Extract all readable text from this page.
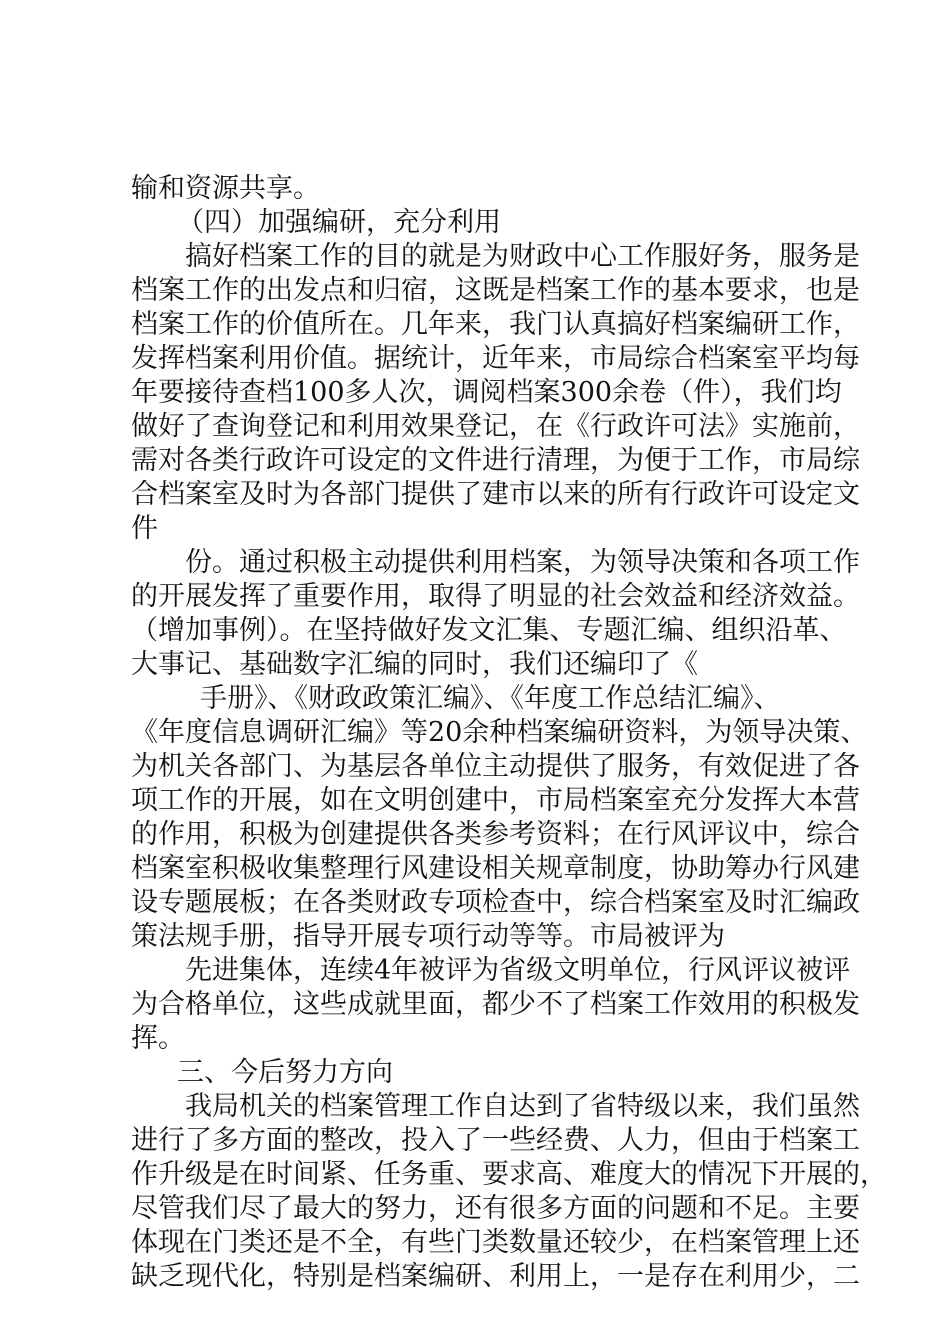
输和资源共享。
（四）加强编研，充分利用
搞好档案工作的目的就是为财政中心工作服好务，服务是
档案工作的出发点和归宿，这既是档案工作的基本要求，也是
档案工作的价值所在。几年来，我门认真搞好档案编研工作，
发挥档案利用价值。据统计，近年来，市局综合档案室平均每
年要接待查档100多人次，调阅档案300余卷（件），我们均
做好了查询登记和利用效果登记，在《行政许可法》实施前，
需对各类行政许可设定的文件进行清理，为便于工作，市局综
合档案室及时为各部门提供了建市以来的所有行政许可设定文
件
份。通过积极主动提供利用档案，为领导决策和各项工作
的开展发挥了重要作用，取得了明显的社会效益和经济效益。
（增加事例）。在坚持做好发文汇集、专题汇编、组织沿革、
大事记、基础数字汇编的同时，我们还编印了《
手册》、《财政政策汇编》、《年度工作总结汇编》、
《年度信息调研汇编》等20余种档案编研资料，为领导决策、
为机关各部门、为基层各单位主动提供了服务，有效促进了各
项工作的开展，如在文明创建中，市局档案室充分发挥大本营
的作用，积极为创建提供各类参考资料；在行风评议中，综合
档案室积极收集整理行风建设相关规章制度，协助筹办行风建
设专题展板；在各类财政专项检查中，综合档案室及时汇编政
策法规手册，指导开展专项行动等等。市局被评为
先进集体，连续4年被评为省级文明单位，行风评议被评
为合格单位，这些成就里面，都少不了档案工作效用的积极发
挥。
三、今后努力方向
我局机关的档案管理工作自达到了省特级以来，我们虽然
进行了多方面的整改，投入了一些经费、人力，但由于档案工
作升级是在时间紧、任务重、要求高、难度大的情况下开展的，
尽管我们尽了最大的努力，还有很多方面的问题和不足。主要
体现在门类还是不全，有些门类数量还较少，在档案管理上还
缺乏现代化，特别是档案编研、利用上，一是存在利用少，二
